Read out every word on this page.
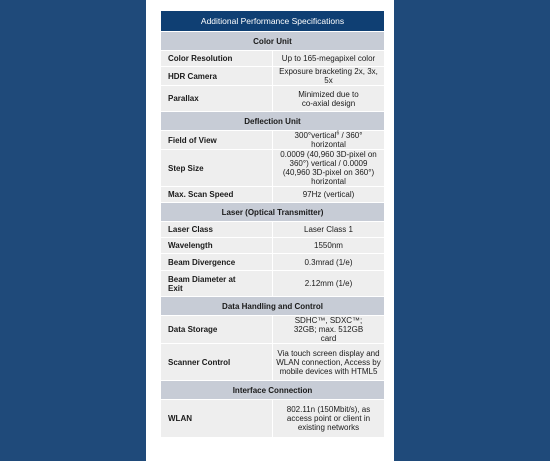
Additional Performance Specifications	
Color Unit	
Color Resolution	Up to 165-megapixel color
HDR Camera	Exposure bracketing 2x, 3x, 5x
Parallax	Minimized due to co-axial design
Deflection Unit	
Field of View	300°vertical$^6$ / 360° horizontal
Step Size	0.0009 (40,960 3D-pixel on 360°) vertical / 0.0009 (40,960 3D-pixel on 360°) horizontal
Max. Scan Speed	97Hz (vertical)
Laser (Optical Transmitter)	
Laser Class	Laser Class 1
Wavelength	1550nm
Beam Divergence	0.3mrad (1/e)
Beam Diameter at Exit	2.12mm (1/e)
Data Handling and Control	
Data Storage	SDHC™, SDXC™; 32GB; max. 512GB card
Scanner Control	Via touch screen display and WLAN connection, Access by mobile devices with HTML5
Interface Connection	
WLAN	802.11n (150Mbit/s), as access point or client in existing networks
